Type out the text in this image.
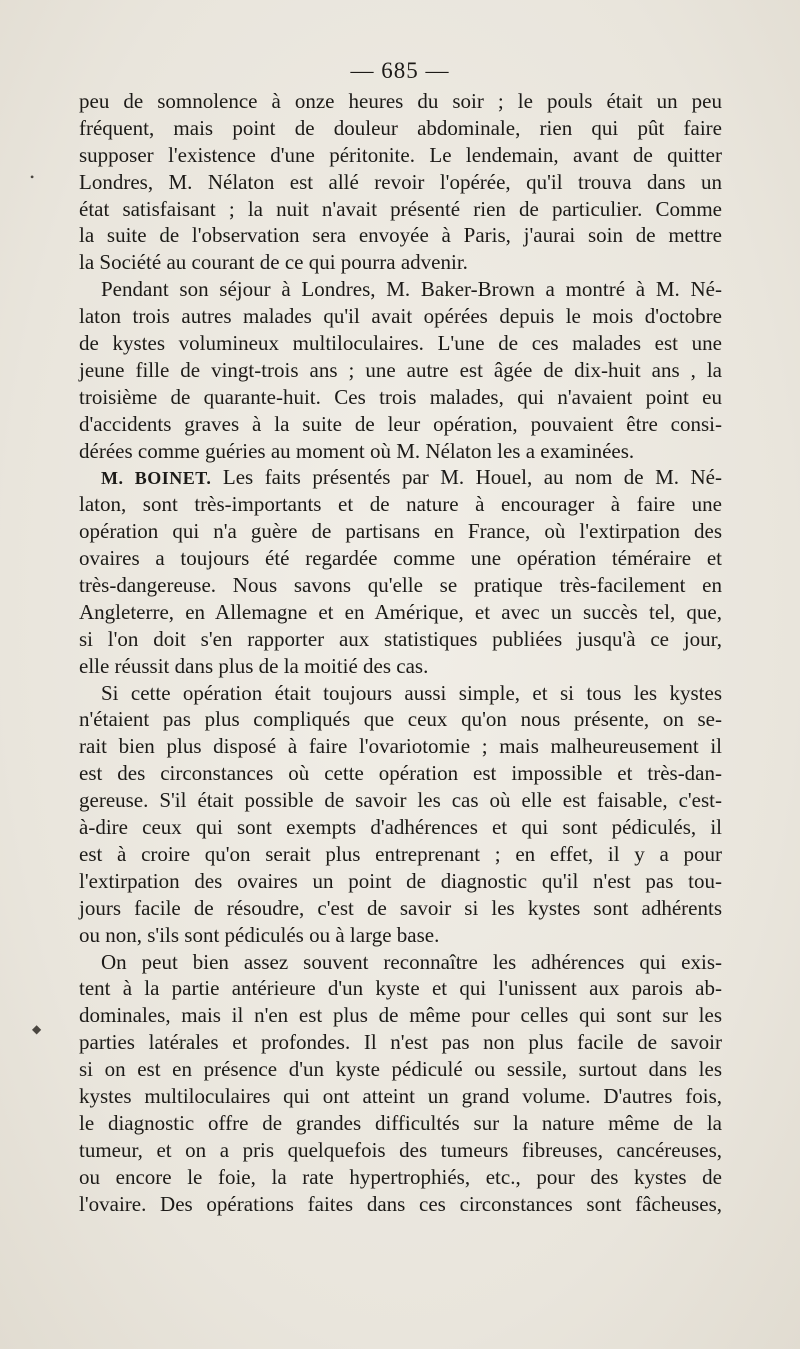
— 685 —
peu de somnolence à onze heures du soir ; le pouls était un peu
fréquent, mais point de douleur abdominale, rien qui pût faire
supposer l'existence d'une péritonite. Le lendemain, avant de quitter
Londres, M. Nélaton est allé revoir l'opérée, qu'il trouva dans un
état satisfaisant ; la nuit n'avait présenté rien de particulier. Comme
la suite de l'observation sera envoyée à Paris, j'aurai soin de mettre
la Société au courant de ce qui pourra advenir.
Pendant son séjour à Londres, M. Baker-Brown a montré à M. Né-
laton trois autres malades qu'il avait opérées depuis le mois d'octobre
de kystes volumineux multiloculaires. L'une de ces malades est une
jeune fille de vingt-trois ans ; une autre est âgée de dix-huit ans , la
troisième de quarante-huit. Ces trois malades, qui n'avaient point eu
d'accidents graves à la suite de leur opération, pouvaient être consi-
dérées comme guéries au moment où M. Nélaton les a examinées.
M. BOINET. Les faits présentés par M. Houel, au nom de M. Né-
laton, sont très-importants et de nature à encourager à faire une
opération qui n'a guère de partisans en France, où l'extirpation des
ovaires a toujours été regardée comme une opération téméraire et
très-dangereuse. Nous savons qu'elle se pratique très-facilement en
Angleterre, en Allemagne et en Amérique, et avec un succès tel, que,
si l'on doit s'en rapporter aux statistiques publiées jusqu'à ce jour,
elle réussit dans plus de la moitié des cas.
Si cette opération était toujours aussi simple, et si tous les kystes
n'étaient pas plus compliqués que ceux qu'on nous présente, on se-
rait bien plus disposé à faire l'ovariotomie ; mais malheureusement il
est des circonstances où cette opération est impossible et très-dan-
gereuse. S'il était possible de savoir les cas où elle est faisable, c'est-
à-dire ceux qui sont exempts d'adhérences et qui sont pédiculés, il
est à croire qu'on serait plus entreprenant ; en effet, il y a pour
l'extirpation des ovaires un point de diagnostic qu'il n'est pas tou-
jours facile de résoudre, c'est de savoir si les kystes sont adhérents
ou non, s'ils sont pédiculés ou à large base.
On peut bien assez souvent reconnaître les adhérences qui exis-
tent à la partie antérieure d'un kyste et qui l'unissent aux parois ab-
dominales, mais il n'en est plus de même pour celles qui sont sur les
parties latérales et profondes. Il n'est pas non plus facile de savoir
si on est en présence d'un kyste pédiculé ou sessile, surtout dans les
kystes multiloculaires qui ont atteint un grand volume. D'autres fois,
le diagnostic offre de grandes difficultés sur la nature même de la
tumeur, et on a pris quelquefois des tumeurs fibreuses, cancéreuses,
ou encore le foie, la rate hypertrophiés, etc., pour des kystes de
l'ovaire. Des opérations faites dans ces circonstances sont fâcheuses,
•
◆
